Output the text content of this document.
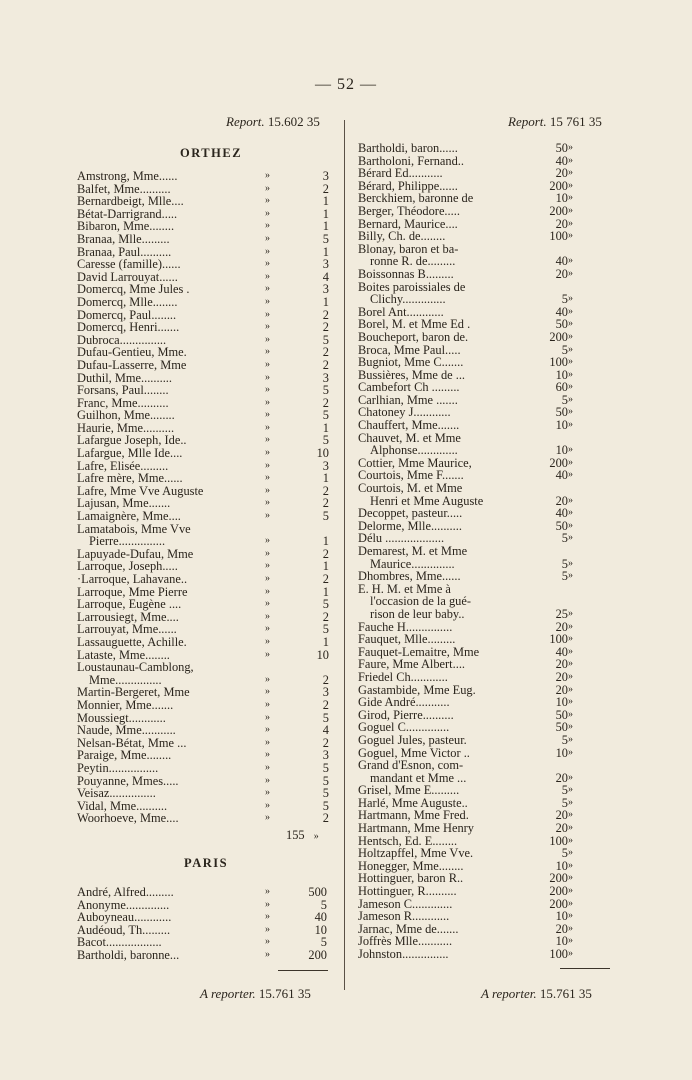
— 52 —
Report. 15.602 35	Report. 15 761 35
ORTHEZ
Amstrong, Mme......	3
»
Balfet, Mme..........	2
»
Bernardbeigt, Mlle....	1
»
Bétat-Darrigrand.....	1
»
Bibaron, Mme........	1
»
Branaa, Mlle.........	5
»
Branaa, Paul..........	1
»
Caresse (famille)......	3
»
David Larrouyat......	4
»
Domercq, Mme Jules .	3
»
Domercq, Mlle........	1
»
Domercq, Paul........	2
»
Domercq, Henri.......	2
»
Dubroca...............	5
»
Dufau-Gentieu, Mme.	2
»
Dufau-Lasserre, Mme	2
»
Duthil, Mme..........	3
»
Forsans, Paul........	5
»
Franc, Mme..........	2
»
Guilhon, Mme........	5
»
Haurie, Mme..........	1
»
Lafargue Joseph, Ide..	5
»
Lafargue, Mlle Ide....	10
»
Lafre, Elisée.........	3
»
Lafre mère, Mme......	1
»
Lafre, Mme Vve Auguste	2
»
Lajusan, Mme.......	2
»
Lamaignère, Mme....	5
»
Lamatabois, Mme Vve
Pierre...............	1
»
Lapuyade-Dufau, Mme	2
»
Larroque, Joseph.....	1
»
·Larroque, Lahavane..	2
»
Larroque, Mme Pierre	1
»
Larroque, Eugène ....	5
»
Larrousiegt, Mme....	2
»
Larrouyat, Mme......	5
»
Lassauguette, Achille.	1
»
Lataste, Mme........	10
»
Loustaunau-Camblong,
Mme...............	2
»
Martin-Bergeret, Mme	3
»
Monnier, Mme.......	2
»
Moussiegt............	5
»
Naude, Mme...........	4
»
Nelsan-Bétat, Mme ...	2
»
Paraige, Mme........	3
»
Peytin................	5
»
Pouyanne, Mmes.....	5
»
Veisaz...............	5
»
Vidal, Mme..........	5
»
Woorhoeve, Mme....	2
»
155 »
PARIS
André, Alfred.........	500
»
Anonyme..............	5
»
Auboyneau............	40
»
Audéoud, Th.........	10
»
Bacot..................	5
»
Bartholdi, baronne...	200
»
Bartholdi, baron......	50 »
Bartholoni, Fernand..	40 »
Bérard Ed...........	20 »
Bérard, Philippe......	200 »
Berckhiem, baronne de	10 »
Berger, Théodore.....	200 »
Bernard, Maurice....	20 »
Billy, Ch. de........	100 »
Blonay, baron et ba-
ronne R. de.........	40 »
Boissonnas B.........	20 »
Boites paroissiales de
Clichy..............	5 »
Borel Ant............	40 »
Borel, M. et Mme Ed .	50 »
Boucheport, baron de.	200 »
Broca, Mme Paul.....	5 »
Bugniot, Mme C.......	100 »
Bussières, Mme de ...	10 »
Cambefort Ch .........	60 »
Carlhian, Mme .......	5 »
Chatoney J............	50 »
Chauffert, Mme.......	10 »
Chauvet, M. et Mme
Alphonse.............	10 »
Cottier, Mme Maurice,	200 »
Courtois, Mme F.......	40 »
Courtois, M. et Mme
Henri et Mme Auguste	20 »
Decoppet, pasteur.....	40 »
Delorme, Mlle..........	50 »
Délu ...................	5 »
Demarest, M. et Mme
Maurice..............	5 »
Dhombres, Mme......	5 »
E. H. M. et Mme à
l'occasion de la gué-
rison de leur baby..	25 »
Fauche H...............	20 »
Fauquet, Mlle.........	100 »
Fauquet-Lemaitre, Mme	40 »
Faure, Mme Albert....	20 »
Friedel Ch............	20 »
Gastambide, Mme Eug.	20 »
Gide André...........	10 »
Girod, Pierre..........	50 »
Goguel C..............	50 »
Goguel Jules, pasteur.	5 »
Goguel, Mme Victor ..	10 »
Grand d'Esnon, com-
mandant et Mme ...	20 »
Grisel, Mme E.........	5 »
Harlé, Mme Auguste..	5 »
Hartmann, Mme Fred.	20 »
Hartmann, Mme Henry	20 »
Hentsch, Ed. E........	100 »
Holtzapffel, Mme Vve.	5 »
Honegger, Mme........	10 »
Hottinguer, baron R..	200 »
Hottinguer, R..........	200 »
Jameson C.............	200 »
Jameson R............	10 »
Jarnac, Mme de.......	20 »
Joffrès Mlle...........	10 »
Johnston...............	100 »
A reporter. 15.761 35	A reporter. 15.761 35
